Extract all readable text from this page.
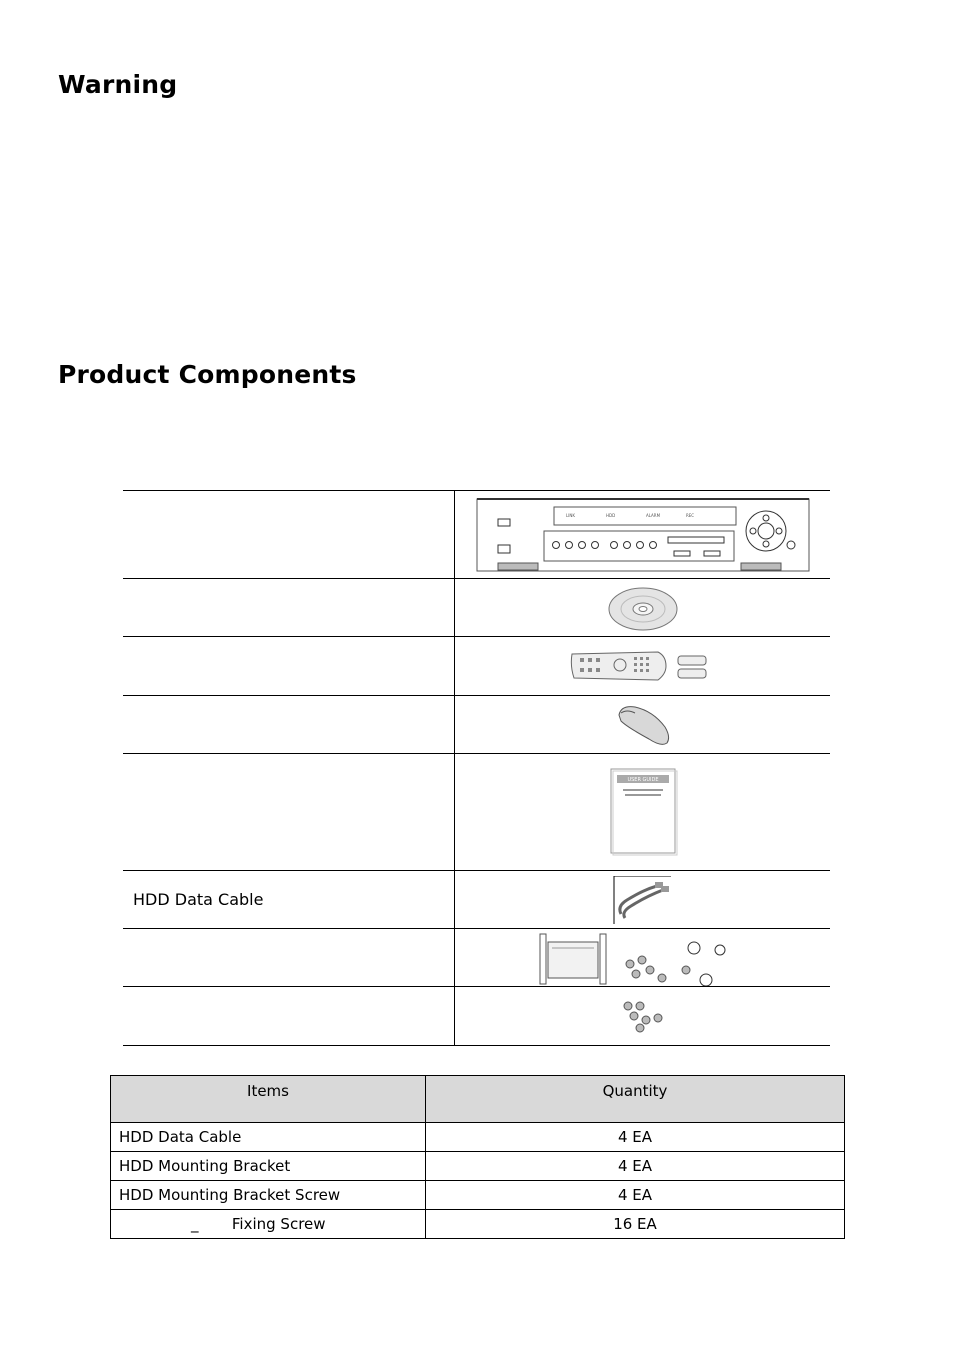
Warning
Product Components
LINK	HDD	ALARM	REC
USER GUIDE
HDD Data Cable
Items	Quantity
HDD Data Cable	4 EA
HDD Mounting Bracket	4 EA
HDD Mounting Bracket Screw	4 EA
_       Fixing Screw	16 EA
